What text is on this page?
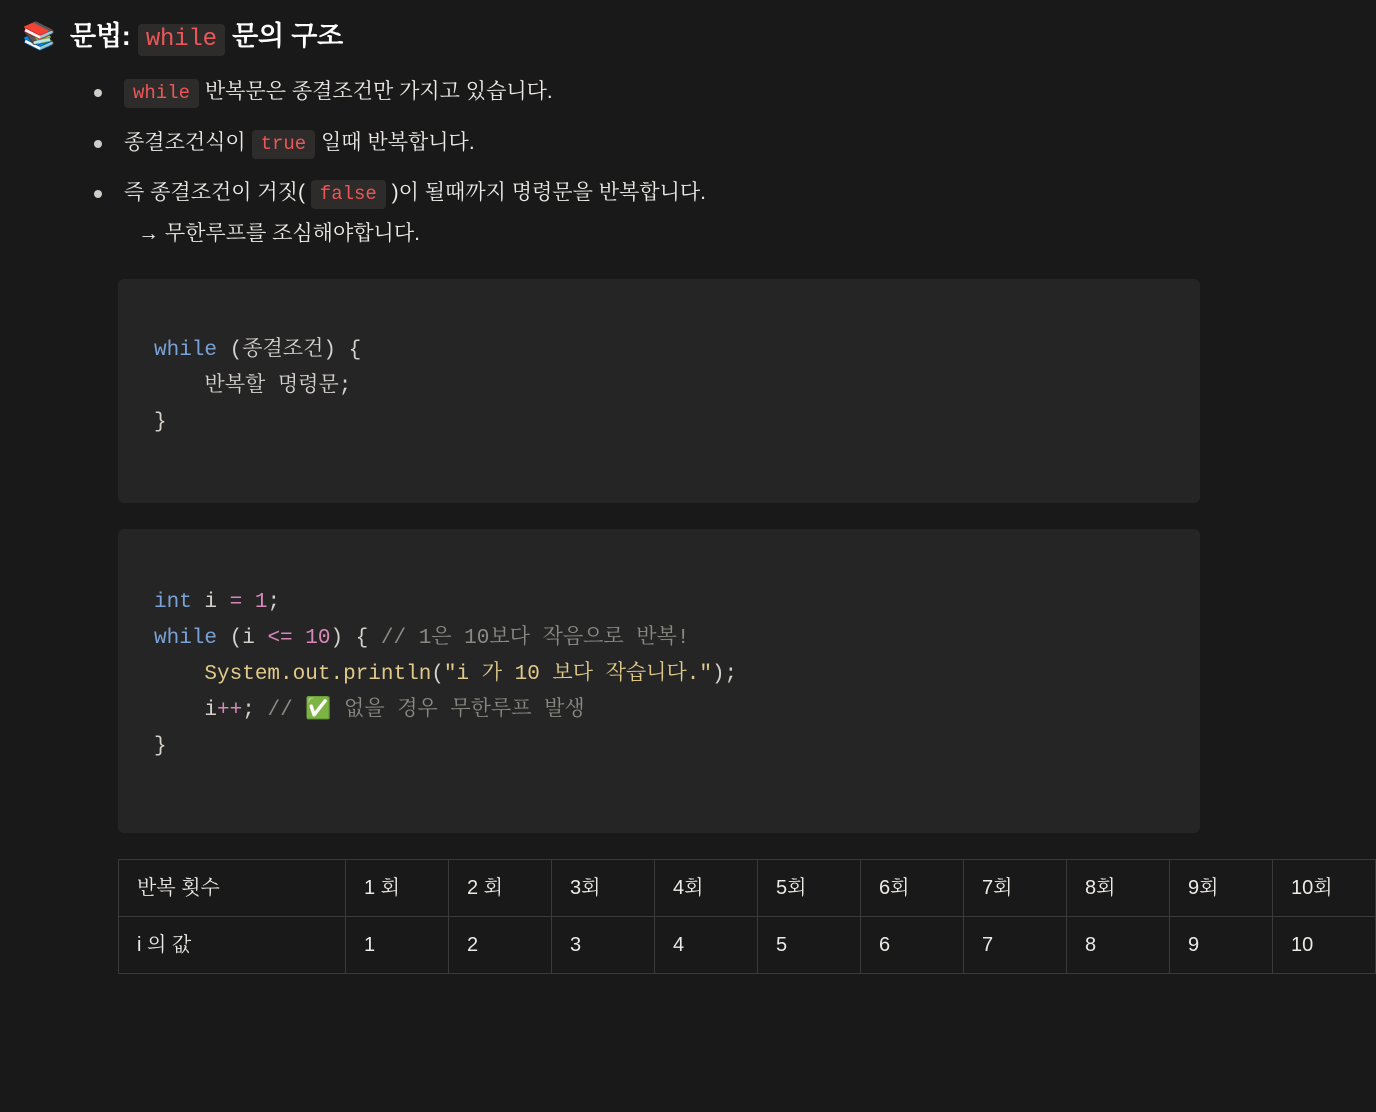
📚 문법: while 문의 구조
while 반복문은 종결조건만 가지고 있습니다.
종결조건식이 true 일때 반복합니다.
즉 종결조건이 거짓( false )이 될때까지 명령문을 반복합니다.
→ 무한루프를 조심해야합니다.
while (종결조건) {
반복할 명령문;
}
int i = 1;
while (i <= 10) { // 1은 10보다 작음으로 반복!
System.out.println("i 가 10 보다 작습니다.");
i++; // ✅ 없을 경우 무한루프 발생
}
반복 횟수	1 회	2 회	3회	4회	5회	6회	7회	8회	9회	10회
i 의 값	1	2	3	4	5	6	7	8	9	10
